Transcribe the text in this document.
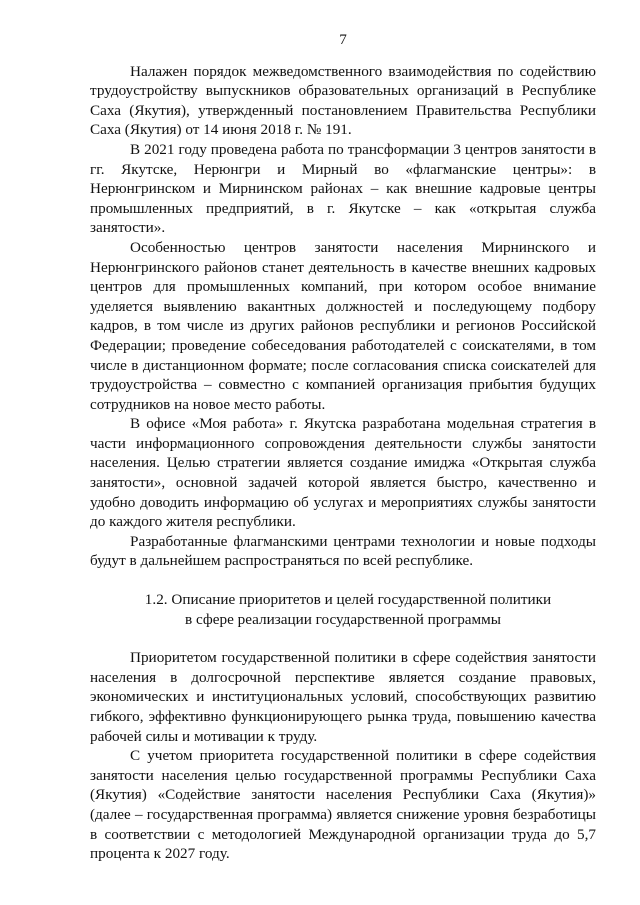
7

Налажен порядок межведомственного взаимодействия по содействию трудоустройству выпускников образовательных организаций в Республике Саха (Якутия), утвержденный постановлением Правительства Республики Саха (Якутия) от 14 июня 2018 г. № 191.

В 2021 году проведена работа по трансформации 3 центров занятости в гг. Якутске, Нерюнгри и Мирный во «флагманские центры»: в Нерюнгринском и Мирнинском районах – как внешние кадровые центры промышленных предприятий, в г. Якутске – как «открытая служба занятости».

Особенностью центров занятости населения Мирнинского и Нерюнгринского районов станет деятельность в качестве внешних кадровых центров для промышленных компаний, при котором особое внимание уделяется выявлению вакантных должностей и последующему подбору кадров, в том числе из других районов республики и регионов Российской Федерации; проведение собеседования работодателей с соискателями, в том числе в дистанционном формате; после согласования списка соискателей для трудоустройства – совместно с компанией организация прибытия будущих сотрудников на новое место работы.

В офисе «Моя работа» г. Якутска разработана модельная стратегия в части информационного сопровождения деятельности службы занятости населения. Целью стратегии является создание имиджа «Открытая служба занятости», основной задачей которой является быстро, качественно и удобно доводить информацию об услугах и мероприятиях службы занятости до каждого жителя республики.

Разработанные флагманскими центрами технологии и новые подходы будут в дальнейшем распространяться по всей республике.

1.2. Описание приоритетов и целей государственной политики
в сфере реализации государственной программы

Приоритетом государственной политики в сфере содействия занятости населения в долгосрочной перспективе является создание правовых, экономических и институциональных условий, способствующих развитию гибкого, эффективно функционирующего рынка труда, повышению качества рабочей силы и мотивации к труду.

С учетом приоритета государственной политики в сфере содействия занятости населения целью государственной программы Республики Саха (Якутия) «Содействие занятости населения Республики Саха (Якутия)» (далее – государственная программа) является снижение уровня безработицы в соответствии с методологией Международной организации труда до 5,7 процента к 2027 году.
